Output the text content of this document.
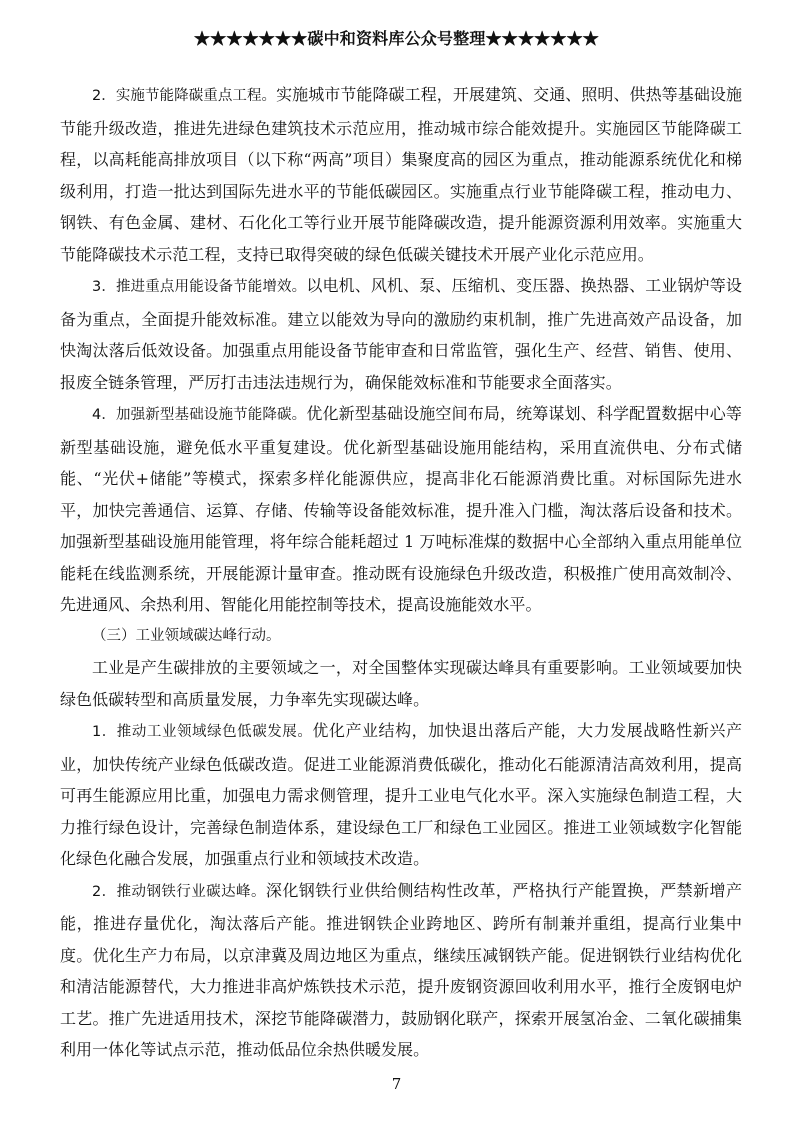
★★★★★★★碳中和资料库公众号整理★★★★★★★

2．实施节能降碳重点工程。实施城市节能降碳工程，开展建筑、交通、照明、供热等基础设施节能升级改造，推进先进绿色建筑技术示范应用，推动城市综合能效提升。实施园区节能降碳工程，以高耗能高排放项目（以下称“两高”项目）集聚度高的园区为重点，推动能源系统优化和梯级利用，打造一批达到国际先进水平的节能低碳园区。实施重点行业节能降碳工程，推动电力、钢铁、有色金属、建材、石化化工等行业开展节能降碳改造，提升能源资源利用效率。实施重大节能降碳技术示范工程，支持已取得突破的绿色低碳关键技术开展产业化示范应用。

3．推进重点用能设备节能增效。以电机、风机、泵、压缩机、变压器、换热器、工业锅炉等设备为重点，全面提升能效标准。建立以能效为导向的激励约束机制，推广先进高效产品设备，加快淘汰落后低效设备。加强重点用能设备节能审查和日常监管，强化生产、经营、销售、使用、报废全链条管理，严厉打击违法违规行为，确保能效标准和节能要求全面落实。

4．加强新型基础设施节能降碳。优化新型基础设施空间布局，统筹谋划、科学配置数据中心等新型基础设施，避免低水平重复建设。优化新型基础设施用能结构，采用直流供电、分布式储能、“光伏+储能”等模式，探索多样化能源供应，提高非化石能源消费比重。对标国际先进水平，加快完善通信、运算、存储、传输等设备能效标准，提升准入门槛，淘汰落后设备和技术。加强新型基础设施用能管理，将年综合能耗超过 1 万吨标准煤的数据中心全部纳入重点用能单位能耗在线监测系统，开展能源计量审查。推动既有设施绿色升级改造，积极推广使用高效制冷、先进通风、余热利用、智能化用能控制等技术，提高设施能效水平。

（三）工业领域碳达峰行动。

工业是产生碳排放的主要领域之一，对全国整体实现碳达峰具有重要影响。工业领域要加快绿色低碳转型和高质量发展，力争率先实现碳达峰。

1．推动工业领域绿色低碳发展。优化产业结构，加快退出落后产能，大力发展战略性新兴产业，加快传统产业绿色低碳改造。促进工业能源消费低碳化，推动化石能源清洁高效利用，提高可再生能源应用比重，加强电力需求侧管理，提升工业电气化水平。深入实施绿色制造工程，大力推行绿色设计，完善绿色制造体系，建设绿色工厂和绿色工业园区。推进工业领域数字化智能化绿色化融合发展，加强重点行业和领域技术改造。

2．推动钢铁行业碳达峰。深化钢铁行业供给侧结构性改革，严格执行产能置换，严禁新增产能，推进存量优化，淘汰落后产能。推进钢铁企业跨地区、跨所有制兼并重组，提高行业集中度。优化生产力布局，以京津冀及周边地区为重点，继续压减钢铁产能。促进钢铁行业结构优化和清洁能源替代，大力推进非高炉炼铁技术示范，提升废钢资源回收利用水平，推行全废钢电炉工艺。推广先进适用技术，深挖节能降碳潜力，鼓励钢化联产，探索开展氢冶金、二氧化碳捕集利用一体化等试点示范，推动低品位余热供暖发展。

7
